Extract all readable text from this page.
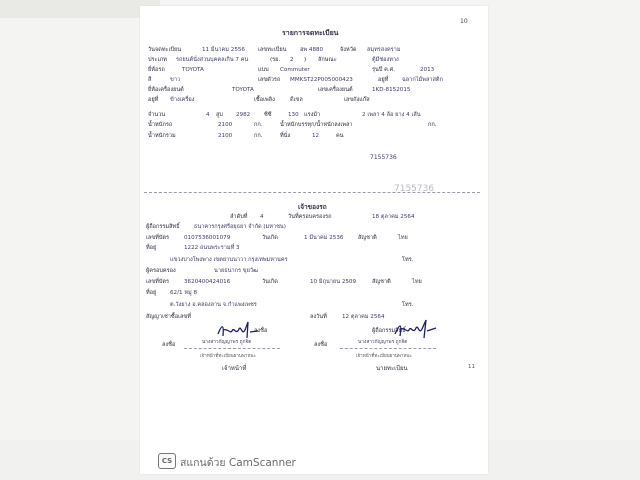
รายการจดทะเบียน
วันจดทะเบียน	11 มีนาคม 2556 เลขทะเบียน ฮพ 4880	จังหวัด สมุทรสงคราม
ประเภท รถยนต์นั่งส่วนบุคคลเกิน 7 คน	(รย. 2 ) ลักษณะ	ตู้มีช่องทาง
ยี่ห้อรถ	TOYOTA	แบบ Commuter	รุ่นปี ค.ศ.	2013
สี	ขาว	เลขตัวรถ MMKST22P005000423	อยู่ที่ ฉลากไม้พลาสติก
ยี่ห้อเครื่องยนต์	TOYOTA	เลขเครื่องยนต์	1KD-8152015
อยู่ที่ ข้างเครื่อง	เชื้อเพลิง	ดีเซล	เลขถังแก๊ส
จำนวน	4 สูบ 2982 ซีซี	130 แรงม้า	2 เพลา 4 ล้อ ยาง 4 เส้น
น้ำหนักรถ	2100	กก.	น้ำหนักบรรทุก/น้ำหนักลงเพลา	กก.
น้ำหนักรวม	2100	กก.	ที่นั่ง	12	คน
7155736
7155736
เจ้าของรถ
ลำดับที่ 4	วันที่ครอบครองรถ	18 ตุลาคม 2564
ผู้ถือกรรมสิทธิ์	ธนาคารกรุงศรีอยุธยา จำกัด (มหาชน)
เลขที่บัตร	0107536001079	วันเกิด	1 มีนาคม 2536	สัญชาติ	ไทย
ที่อยู่	1222 ถนนพระรามที่ 3
แขวงบางโพงพาง เขตยานนาวา กรุงเทพมหานคร	โทร.
ผู้ครอบครอง	นายธนากร ขุยวัฒ
เลขที่บัตร	3620400424016	วันเกิด	10 มิถุนายน 2509	สัญชาติ	ไทย
ที่อยู่ 62/1 หมู่ 8
ต.วังยาง อ.คลองลาน จ.กำแพงเพชร	โทร.
สัญญาเช่าซื้อเลขที่	ลงวันที่	12 ตุลาคม 2564
ลงชื่อ	ผู้ถือกรรมสิทธิ์
ลงชื่อ	นางสาวกัญญาพร ถูกจิต
เจ้าหน้าที่ทะเบียนยานพาหนะ
เจ้าหน้าที่
ลงชื่อ	นางสาวกัญญาพร ถูกจิต
เจ้าหน้าที่ทะเบียนยานพาหนะ
นายทะเบียน
10
11
CS สแกนด้วย CamScanner
